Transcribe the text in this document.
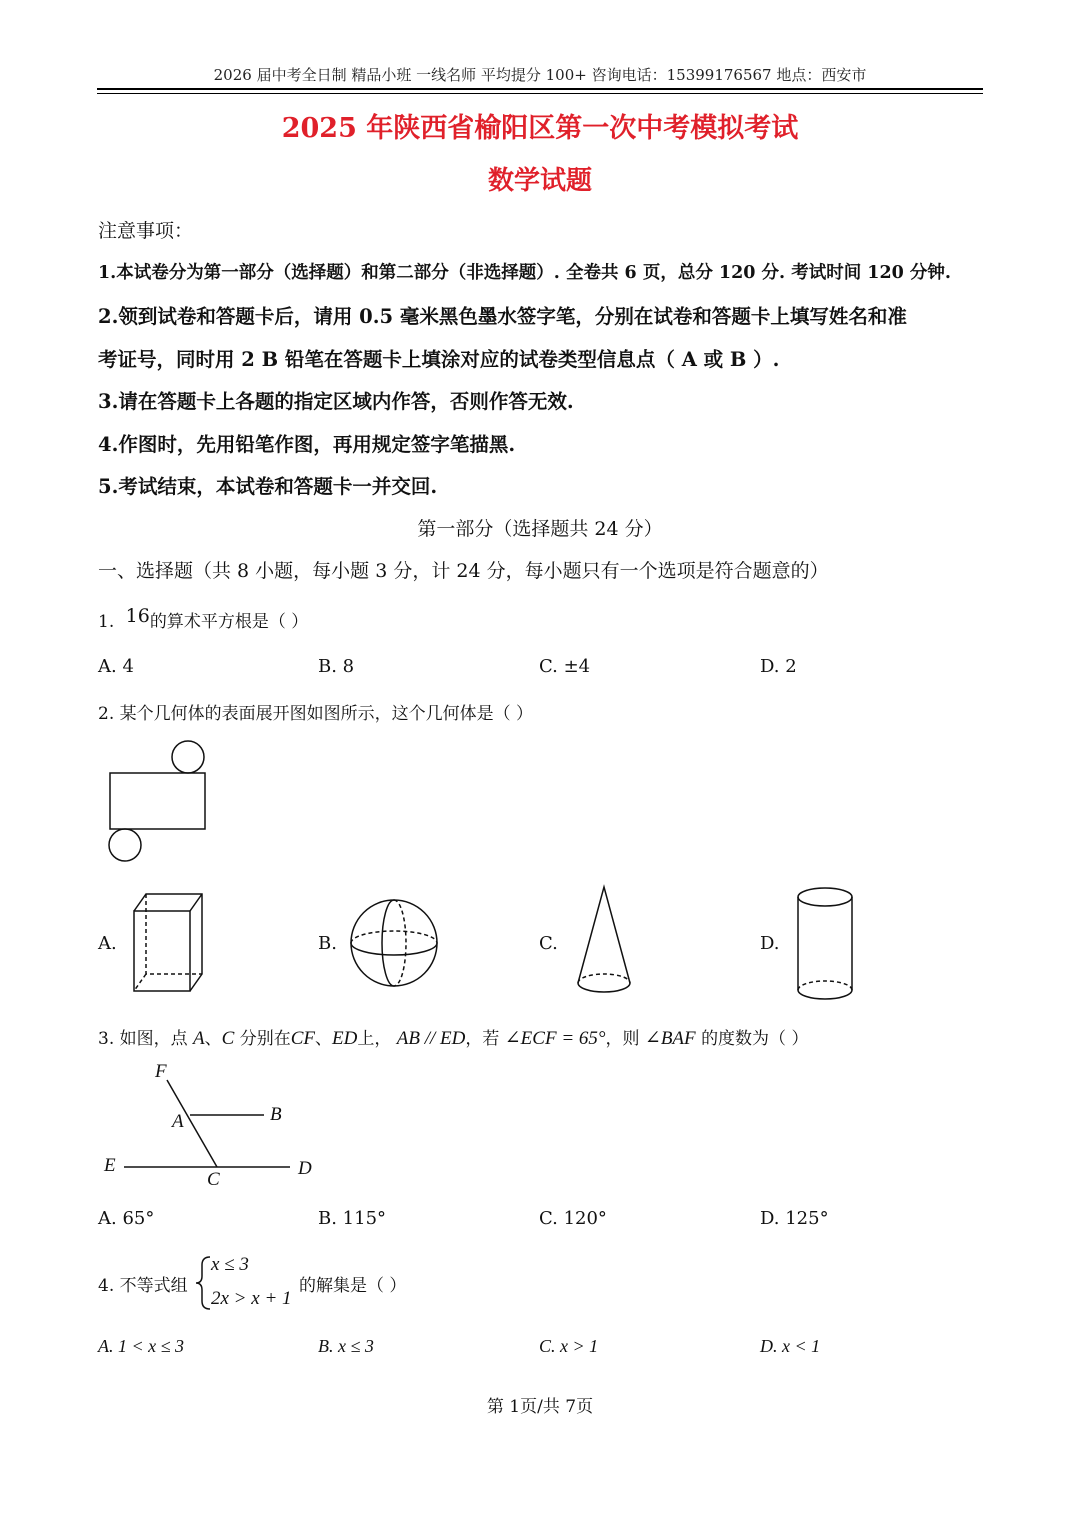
2026 届中考全日制 精品小班 一线名师 平均提分 100+ 咨询电话：15399176567 地点：西安市
2025 年陕西省榆阳区第一次中考模拟考试
数学试题
注意事项：
1.本试卷分为第一部分（选择题）和第二部分（非选择题）. 全卷共 6 页，总分 120 分. 考试时间 120 分钟.
2.领到试卷和答题卡后，请用 0.5 毫米黑色墨水签字笔，分别在试卷和答题卡上填写姓名和准
考证号，同时用 2 B 铅笔在答题卡上填涂对应的试卷类型信息点（ A 或 B ）.
3.请在答题卡上各题的指定区域内作答，否则作答无效.
4.作图时，先用铅笔作图，再用规定签字笔描黑.
5.考试结束，本试卷和答题卡一并交回.
第一部分（选择题共 24 分）
一、选择题（共 8 小题，每小题 3 分，计 24 分，每小题只有一个选项是符合题意的）
1. 16的算术平方根是（ ）
A. 4	B. 8	C. ±4	D. 2
2. 某个几何体的表面展开图如图所示，这个几何体是（ ）
A.	B.	C.	D.
3. 如图，点 A、C 分别在CF、ED上， AB // ED，若 ∠ECF = 65°，则 ∠BAF 的度数为（ ）
F
A	B
E
C
D
A. 65°	B. 115°	C. 120°	D. 125°
4. 不等式组
x ≤ 3
2x > x + 1
的解集是（ ）
A. 1 < x ≤ 3	B. x ≤ 3	C. x > 1	D. x < 1
第 1页/共 7页
